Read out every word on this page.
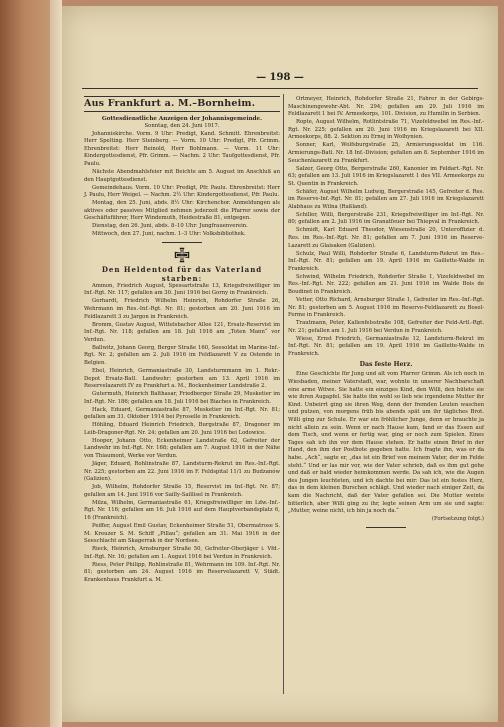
— 198 —
Aus Frankfurt a. M.–Bornheim.
Gottesdienstliche Anzeigen der Johannisgemeinde.
Sonntag, den 24. Juni 1917.

Johanniskirche. Vorm. 9 Uhr: Predigt, Kand. Schmitt. Ehrenbreitst: Herr Spelting. Herr Steinberg. — Vorm. 10 Uhr: Predigt, Pfr. Grimm. Ehrenbreitst: Herr Reinold, Herr Bohlmann. — Vorm. 11 Uhr: Kindergottesdienst, Pfr. Grimm. — Nachm. 2 Uhr: Taufgottesdienst, Pfr. Paulu.

Nächste Abendmahlsfeier mit Beichte am 5. August im Anschluß an den Hauptgottesdienst.

Gemeindehaus. Vorm. 10 Uhr: Predigt, Pfr. Paulu. Ehrenbreitst: Herr J. Paulu, Herr Weigel. — Nachm. 2½ Uhr: Kindergottesdienst, Pfr. Paulu.

Montag, den 25. Juni, abds. 8½ Uhr: Kirchenchor. Anmeldungen als aktives oder passives Mitglied nehmen jederzeit die Pfarrer sowie der Geschäftsführer, Herr Windemuth, Heidestraße 81, entgegen.

Dienstag, den 26. Juni, abds. 8–10 Uhr: Jungfrauenverein.

Mittwoch, den 27. Juni, nachm. 1–3 Uhr: Volksbibliothek.

Den Heldentod für das Vaterland starben:

Ammon, Friedrich August, Spessartstraße 13, Kriegsfreiwilliger im Inf.-Rgt. Nr. 117; gefallen am 30. Juni 1916 bei Gorny in Frankreich.

Gerhardt, Friedrich Wilhelm Heinrich, Rohdorfer Straße 26, Wehrmann im Res.-Inf.-Rgt. Nr. 81; gestorben am 20. Juni 1916 im Feldlazarett 3 zu Jargon in Frankreich.

Bromm, Gustav August, Wittelsbacher Allee 121, Ersatz-Reservist im Inf.-Rgt. Nr. 118; gefallen am 18. Juli 1916 am „Toten Mann“ vor Verdun.

Ballwitz, Johann Georg, Berger Straße 160, Seesoldat im Marine-Inf.-Rgt. Nr. 2; gefallen am 2. Juli 1916 im Feldlazarett V zu Ostende in Belgien.

Ebel, Heinrich, Germaniastraße 30, Landsturmmann im 1. Rekr.-Depot Ersatz-Batl. Landwehr; gestorben am 13. April 1916 im Reservelazarett IV zu Frankfurt a. M., Bockenheimer Landstraße 2.

Gutermuth, Heinrich Balthasar, Friedberger Straße 29, Musketier im Inf.-Rgt. Nr. 186; gefallen am 18. Juli 1916 bei Biaches in Frankreich.

Hack, Eduard, Germaniastraße 87, Musketier im Inf.-Rgt. Nr. 81; gefallen am 31. Oktober 1914 bei Pyroselle in Frankreich.

Höhling, Eduard Heinrich Friedrich, Burgstraße 87, Dragoner im Leib-Dragoner-Rgt. Nr. 24; gefallen am 20. Juni 1916 bei Lodowice.

Hooper, Johann Otto, Eckenheimer Landstraße 62, Gefreiter der Landwehr im Inf.-Rgt. Nr. 168; gefallen am 7. August 1916 in der Nähe von Thiaumont, Werke vor Verdun.

Jäger, Eduard, Rohlinstraße 87, Landsturm-Rekrut im Res.-Inf.-Rgt. Nr. 225; gestorben am 22. Juni 1916 im F. Feldspital 11/1 zu Budzanów (Galizien).

Job, Wilhelm, Rohdorfer Straße 15, Reservist im Inf.-Rgt. Nr. 87; gefallen am 14. Juni 1916 vor Sailly-Saillisel in Frankreich.

Milza, Wilhelm, Germaniastraße 61, Kriegsfreiwilliger im Ldw.-Inf.-Rgt. Nr. 116; gefallen am 16. Juli 1916 auf dem Hauptverbandsplatz 6, 16 (Frankreich).

Peiffer, August Emil Gustav, Eckenheimer Straße 51, Obermatrose S. M. Kreuzer S. M. Schiff „Pillau“; gefallen am 31. Mai 1916 in der Seeschlacht am Skagerrak in der Nordsee.

Rieck, Heinrich, Arnsburger Straße 50, Gefreiter-Oberjäger i. Vfd.-Inf.-Rgt. Nr. 16; gefallen am 1. August 1916 bei Verdun in Frankreich.

Riess, Peter Philipp, Rohlinstraße 81, Wehrmann im 109. Inf.-Rgt. Nr. 81; gestorben am 24. August 1916 im Reservelazarett V, Städt. Krankenhaus Frankfurt a. M.

Ortmeyer, Heinrich, Rohdorfer Straße 21, Fahrer in der Gebirgs-Maschinengewehr-Abt. Nr. 294; gefallen am 29. Juli 1916 im Feldlazarett 1 bei IV. Armeekorps, 101. Division, zu Humilin in Serbien.

Ropte, August Wilhelm, Rotlintstraße 71, Vizefeldwebel im Res.-Inf.-Rgt. Nr. 225; gefallen am 20. Juni 1916 im Kriegslazarett bei XII. Armeekorps, 88. 2. Sektion zu Ernej in Wolhynien.

Sonner, Karl, Wolfsburgstraße 25, Armierungssoldat im 116. Armierungs-Batl. Nr. 18 Inf.-Division; gefallen am 8. September 1916 im Seuchenlazarett zu Frankfurt.

Salzer, Georg Otto, Bergerstraße 260, Kanonier im Feldart.-Rgt. Nr. 63; gefallen am 13. Juli 1916 im Kriegslazarett 1 des VII. Armeekorps zu St. Quentin in Frankreich.

Schäfer, August Wilhelm Ludwig, Bergerstraße 145, Gefreiter d. Res. im Reserve-Inf.-Rgt. Nr. 81; gefallen am 27. Juli 1916 im Kriegslazarett Alabhaus zu Wilna (Rußland).

Schiller, Willi, Bergerstraße 231, Kriegsfreiwilliger im Inf.-Rgt. Nr. 80; gefallen am 2. Juli 1916 im Granatfeuer bei Thiepval in Frankreich.

Schmidt, Karl Eduard Theodor, Wiesenstraße 20, Unteroffizier d. Res. im Res.-Inf.-Rgt. Nr. 81; gefallen am 7. Juni 1916 im Reserve-Lazarett zu Glaisaken (Galizien).

Schulz, Paul Willi, Rohdorfer Straße 6, Landsturm-Rekrut im Res.-Inf.-Rgt. Nr. 81; gefallen am 19. April 1916 im Gaillette-Walde in Frankreich.

Schwind, Wilhelm Friedrich, Rohdorfer Straße 1, Vizefeldwebel im Res.-Inf.-Rgt. Nr. 222; gefallen am 21. Juni 1916 im Walde Bois de Boudinet in Frankreich.

Vetter, Otto Richard, Arnsburger Straße 1, Gefreiter im Res.-Inf.-Rgt. Nr. 81; gestorben am 5. August 1916 im Reserve-Feldlazarett zu Bosel-Ferme in Frankreich.

Trautmann, Peter, Kallenfelsstraße 108, Gefreiter der Feld-Artl.-Rgt. Nr. 21; gefallen am 1. Juli 1916 bei Verdun in Frankreich.

Wiese, Ernst Friedrich, Germaniastraße 12, Landsturm-Rekrut im Inf.-Rgt. Nr. 81; gefallen am 19. April 1916 im Gaillette-Walde in Frankreich.

Das feste Herz.

Eine Geschichte für Jung und alt vom Pfarrer Grimm. Als ich noch in Wiesbaden, meiner Vaterstadt, war, wohnte in unserer Nachbarschaft eine arme Witwe. Sie hatte ein einziges Kind, den Willi, den hütete sie wie ihren Augapfel. Sie hatte ihn wohl so lieb wie irgendeine Mutter ihr Kind. Unbeirrt ging sie ihren Weg, denn der fremden Leuten waschen und putzen, von morgens früh bis abends spät um ihr tägliches Brot. Willi ging zur Schule. Er war ein fröhlicher Junge, denn er brauchte ja nicht allein zu sein. Wenn er nach Hause kam, fand er das Essen auf dem Tisch, und wenn er fertig war, ging er noch zum Spielen. Eines Tages sah ich ihn vor dem Hause stehen. Er hatte einen Brief in der Hand, den ihm der Postbote gegeben hatte. Ich fragte ihn, was er da habe. „Ach“, sagte er, „das ist ein Brief von meinem Vater, der im Felde steht.“ Und er las mir vor, wie der Vater schrieb, daß es ihm gut gehe und daß er bald wieder heimkommen werde. Da sah ich, wie die Augen des Jungen leuchteten, und ich dachte bei mir: Das ist ein festes Herz, das in dem kleinen Burschen schlägt. Und wieder nach einiger Zeit, da kam die Nachricht, daß der Vater gefallen sei. Die Mutter weinte bitterlich, aber Willi ging zu ihr, legte seinen Arm um sie und sagte: „Mutter, weine nicht, ich bin ja noch da.“

(Fortsetzung folgt.)
